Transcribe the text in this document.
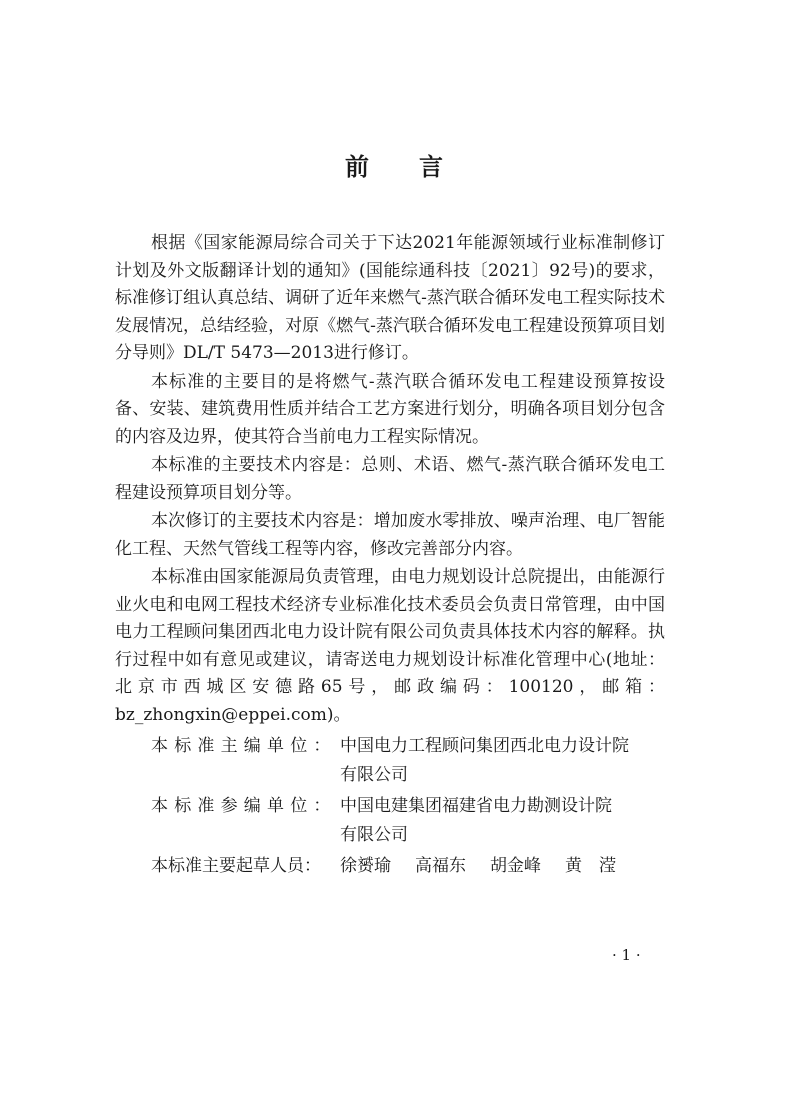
前 言

根据《国家能源局综合司关于下达2021年能源领域行业标准制修订计划及外文版翻译计划的通知》(国能综通科技〔2021〕92号)的要求，标准修订组认真总结、调研了近年来燃气-蒸汽联合循环发电工程实际技术发展情况，总结经验，对原《燃气-蒸汽联合循环发电工程建设预算项目划分导则》DL/T 5473—2013进行修订。

本标准的主要目的是将燃气-蒸汽联合循环发电工程建设预算按设备、安装、建筑费用性质并结合工艺方案进行划分，明确各项目划分包含的内容及边界，使其符合当前电力工程实际情况。

本标准的主要技术内容是：总则、术语、燃气-蒸汽联合循环发电工程建设预算项目划分等。

本次修订的主要技术内容是：增加废水零排放、噪声治理、电厂智能化工程、天然气管线工程等内容，修改完善部分内容。

本标准由国家能源局负责管理，由电力规划设计总院提出，由能源行业火电和电网工程技术经济专业标准化技术委员会负责日常管理，由中国电力工程顾问集团西北电力设计院有限公司负责具体技术内容的解释。执行过程中如有意见或建议，请寄送电力规划设计标准化管理中心(地址：北京市西城区安德路65号，邮政编码：100120，邮箱：bz_zhongxin@eppei.com)。

本标准主编单位： 中国电力工程顾问集团西北电力设计院
有限公司
本标准参编单位： 中国电建集团福建省电力勘测设计院
有限公司
本标准主要起草人员：	徐赟瑜 高福东 胡金峰 黄　滢
· 1 ·
